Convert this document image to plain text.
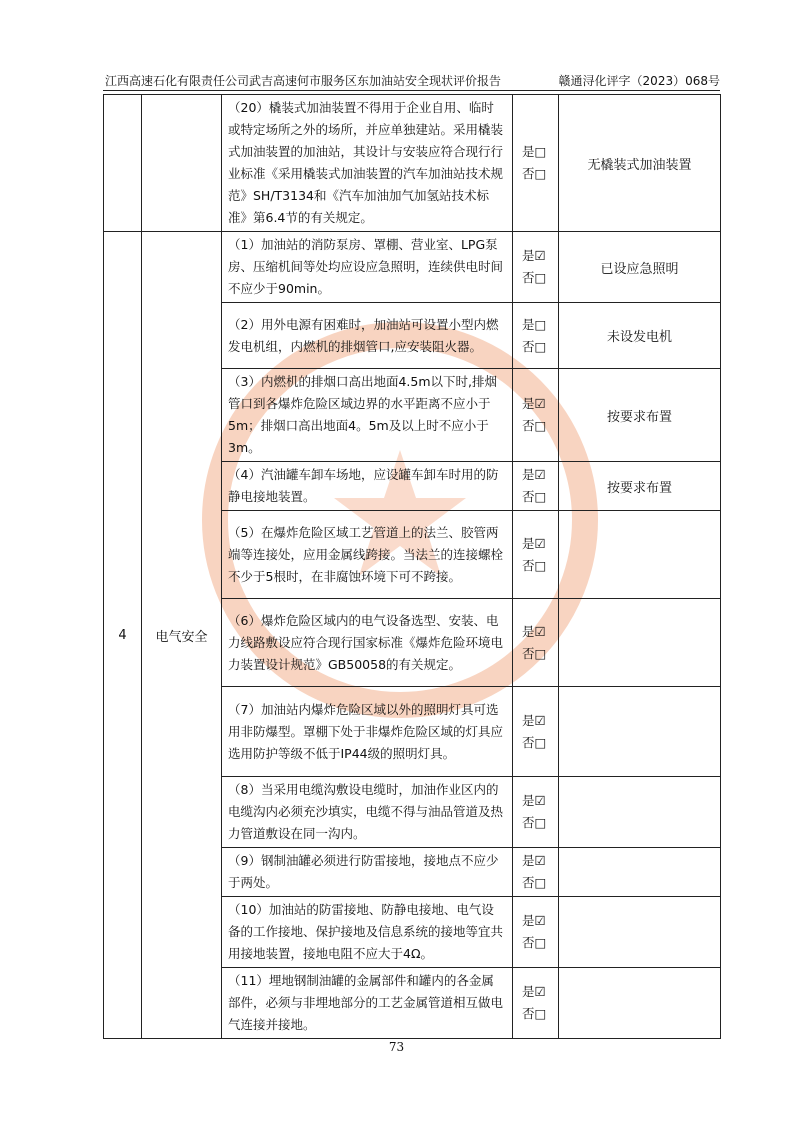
江西高速石化有限责任公司武吉高速何市服务区东加油站安全现状评价报告	赣通浔化评字（2023）068号
		（20）橇装式加油装置不得用于企业自用、临时或特定场所之外的场所，并应单独建站。采用橇装式加油装置的加油站，其设计与安装应符合现行行业标准《采用橇装式加油装置的汽车加油站技术规范》SH/T3134和《汽车加油加气加氢站技术标准》第6.4节的有关规定。	是□
否□	无橇装式加油装置
4	电气安全	（1）加油站的消防泵房、罩棚、营业室、LPG泵房、压缩机间等处均应设应急照明，连续供电时间不应少于90min。	是☑
否□	已设应急照明
		（2）用外电源有困难时，加油站可设置小型内燃发电机组，内燃机的排烟管口,应安装阻火器。	是□
否□	未设发电机
		（3）内燃机的排烟口高出地面4.5m以下时,排烟管口到各爆炸危险区域边界的水平距离不应小于5m；排烟口高出地面4。5m及以上时不应小于3m。	是☑
否□	按要求布置
		（4）汽油罐车卸车场地，应设罐车卸车时用的防静电接地装置。	是☑
否□	按要求布置
		（5）在爆炸危险区域工艺管道上的法兰、胶管两端等连接处，应用金属线跨接。当法兰的连接螺栓不少于5根时，在非腐蚀环境下可不跨接。	是☑
否□	

		（6）爆炸危险区域内的电气设备选型、安装、电力线路敷设应符合现行国家标准《爆炸危险环境电力装置设计规范》GB50058的有关规定。	是☑
否□	

		（7）加油站内爆炸危险区域以外的照明灯具可选用非防爆型。罩棚下处于非爆炸危险区域的灯具应选用防护等级不低于IP44级的照明灯具。	是☑
否□	

		（8）当采用电缆沟敷设电缆时，加油作业区内的电缆沟内必须充沙填实，电缆不得与油品管道及热力管道敷设在同一沟内。	是☑
否□	

		（9）钢制油罐必须进行防雷接地，接地点不应少于两处。	是☑
否□	

		（10）加油站的防雷接地、防静电接地、电气设备的工作接地、保护接地及信息系统的接地等宜共用接地装置，接地电阻不应大于4Ω。	是☑
否□	

		（11）埋地钢制油罐的金属部件和罐内的各金属部件，必须与非埋地部分的工艺金属管道相互做电气连接并接地。	是☑
否□	

73
